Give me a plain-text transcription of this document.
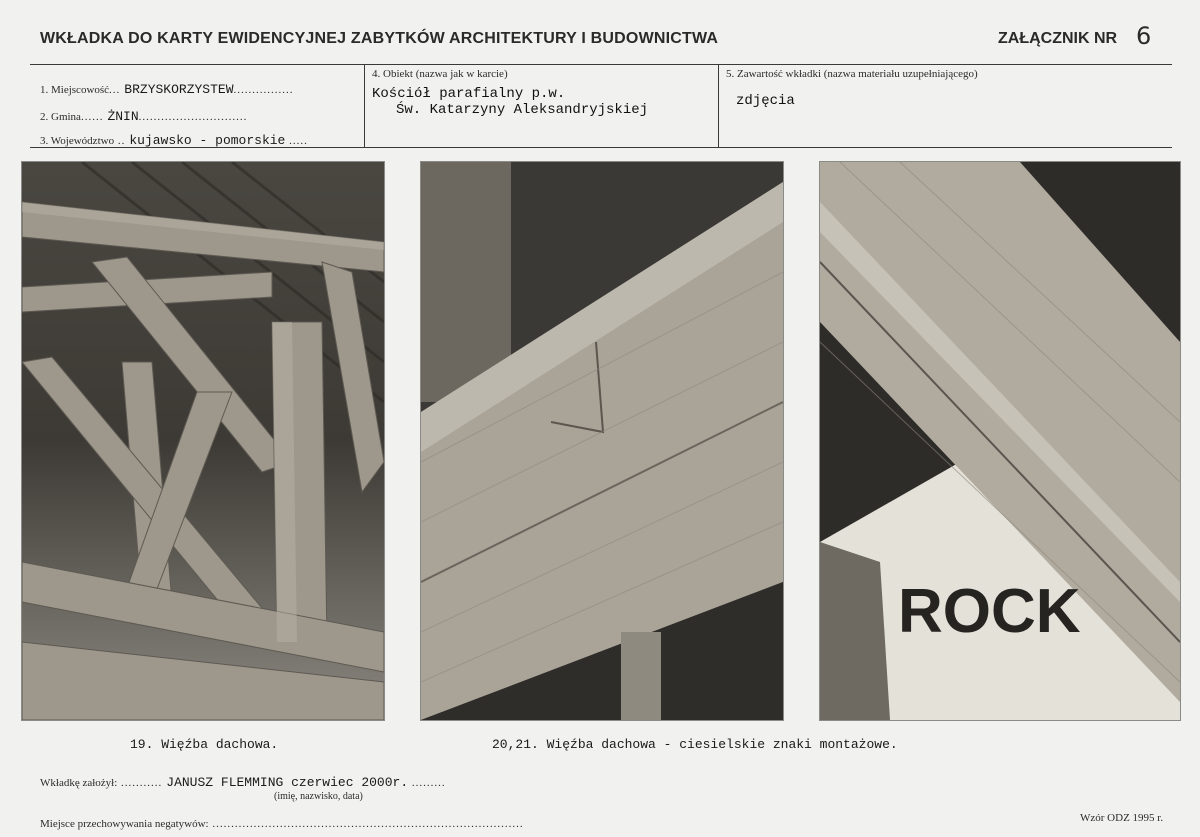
WKŁADKA DO KARTY EWIDENCYJNEJ ZABYTKÓW ARCHITEKTURY I BUDOWNICTWA	ZAŁĄCZNIK NR 6
1. Miejscowość... BRZYSKORZYSTEW................
2. Gmina...... ŻNIN.............................
3. Województwo .. kujawsko - pomorskie .....
4. Obiekt (nazwa jak w karcie)
Kościół parafialny p.w.
Św. Katarzyny Aleksandryjskiej
5. Zawartość wkładki (nazwa materiału uzupełniającego)
zdjęcia
ROCK
19. Więźba dachowa.	20,21. Więźba dachowa - ciesielskie znaki montażowe.
Wkładkę założył: ........... JANUSZ FLEMMING czerwiec 2000r. .........
(imię, nazwisko, data)
Miejsce przechowywania negatywów: ...................................................................................	Wzór ODZ 1995 r.
